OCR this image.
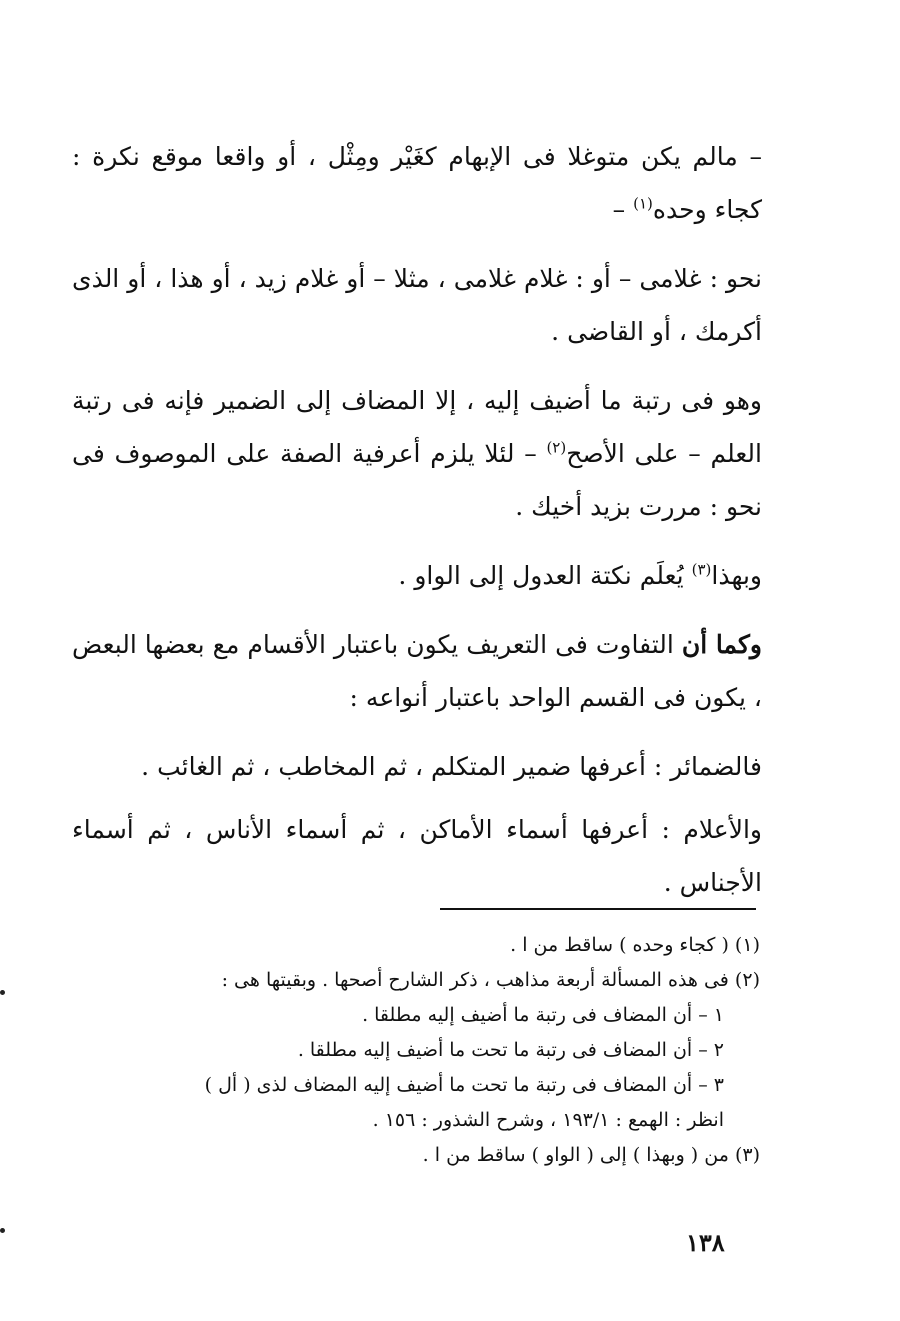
– مالم يكن متوغلا فى الإبهام كغَيْر ومِثْل ، أو واقعا موقع نكرة : كجاء وحده$^{(١)}$ –

نحو : غلامى – أو : غلام غلامى ، مثلا – أو غلام زيد ، أو هذا ، أو الذى أكرمك ، أو القاضى .

وهو فى رتبة ما أضيف إليه ، إلا المضاف إلى الضمير فإنه فى رتبة العلم – على الأصح$^{(٢)}$ – لئلا يلزم أعرفية الصفة على الموصوف فى نحو : مررت بزيد أخيك .

وبهذا$^{(٣)}$ يُعلَم نكتة العدول إلى الواو .

وكما أن التفاوت فى التعريف يكون باعتبار الأقسام مع بعضها البعض ، يكون فى القسم الواحد باعتبار أنواعه :

فالضمائر : أعرفها ضمير المتكلم ، ثم المخاطب ، ثم الغائب .

والأعلام : أعرفها أسماء الأماكن ، ثم أسماء الأناس ، ثم أسماء الأجناس .

(١) ( كجاء وحده ) ساقط من ا .
(٢) فى هذه المسألة أربعة مذاهب ، ذكر الشارح أصحها . وبقيتها هى :
١ – أن المضاف فى رتبة ما أضيف إليه مطلقا .
٢ – أن المضاف فى رتبة ما تحت ما أضيف إليه مطلقا .
٣ – أن المضاف فى رتبة ما تحت ما أضيف إليه المضاف لذى ( أل )
انظر : الهمع : ١٩٣/١ ، وشرح الشذور : ١٥٦ .
(٣) من ( وبهذا ) إلى ( الواو ) ساقط من ا .
١٣٨
